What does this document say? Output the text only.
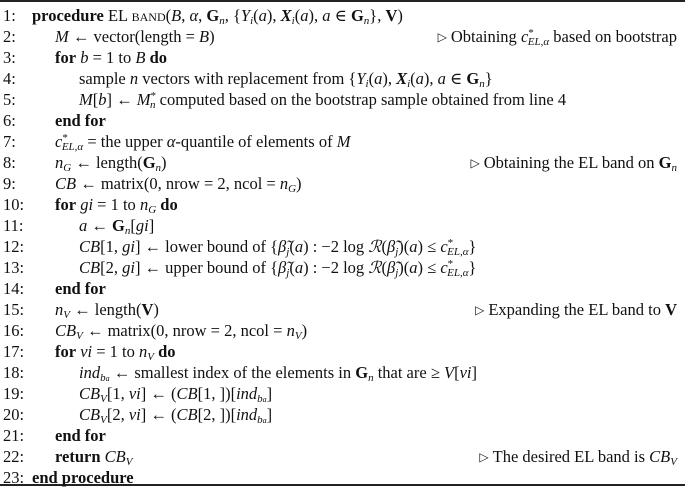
1: procedure EL band(B, α, $G_n$, {$Y_i(a)$, $X_i(a)$, a ∈ $G_n$}, V)
2:	M ← vector(length = B)	▷ Obtaining $c^*_{EL,\alpha}$ based on bootstrap
3:	for b = 1 to B do
4:	sample n vectors with replacement from {$Y_i(a)$, $X_i(a)$, a ∈ $G_n$}
5:	M[b] ← $M^*_n$ computed based on the bootstrap sample obtained from line 4
6:	end for
7:	$c^*_{EL,\alpha}$ = the upper α-quantile of elements of M
8:	$n_G$ ← $length(G_n)$	▷ Obtaining the EL band on $G_n$
9:	CB ← matrix(0, nrow = 2, ncol = $n_G$)
10: for gi = 1 to $n_G$ do
11:	a ← $G_n[gi]$
12:	CB[1, gi] ← lower bound of {$\betã_j(a)$ : −2 $\log ℛ(\betã_j)(a) \le c^*_{EL,\alpha}$}
13:	CB[2, gi] ← upper bound of {$\betã_j(a)$ : −2 $\log ℛ(\betã_j)(a) \le c^*_{EL,\alpha}$}
14: end for
15: $n_V$ ← length(V)	▷ Expanding the EL band to V
16: $CB_V$ ← matrix(0, nrow = 2, ncol = $n_V$)
17: for vi = 1 to $n_V$ do
18:	ind$_{ba}$ ← smallest index of the elements in $G_n$ that are ≥ V[vi]
19:	$CB_V[1$, vi] ← (CB[1, ])[ind$_{ba}$]
20:	$CB_V[2$, vi] ← (CB[2, ])[ind$_{ba}$]
21: end for
22: return $CB_V$	▷ The desired EL band is $CB_V$
23: end procedure
